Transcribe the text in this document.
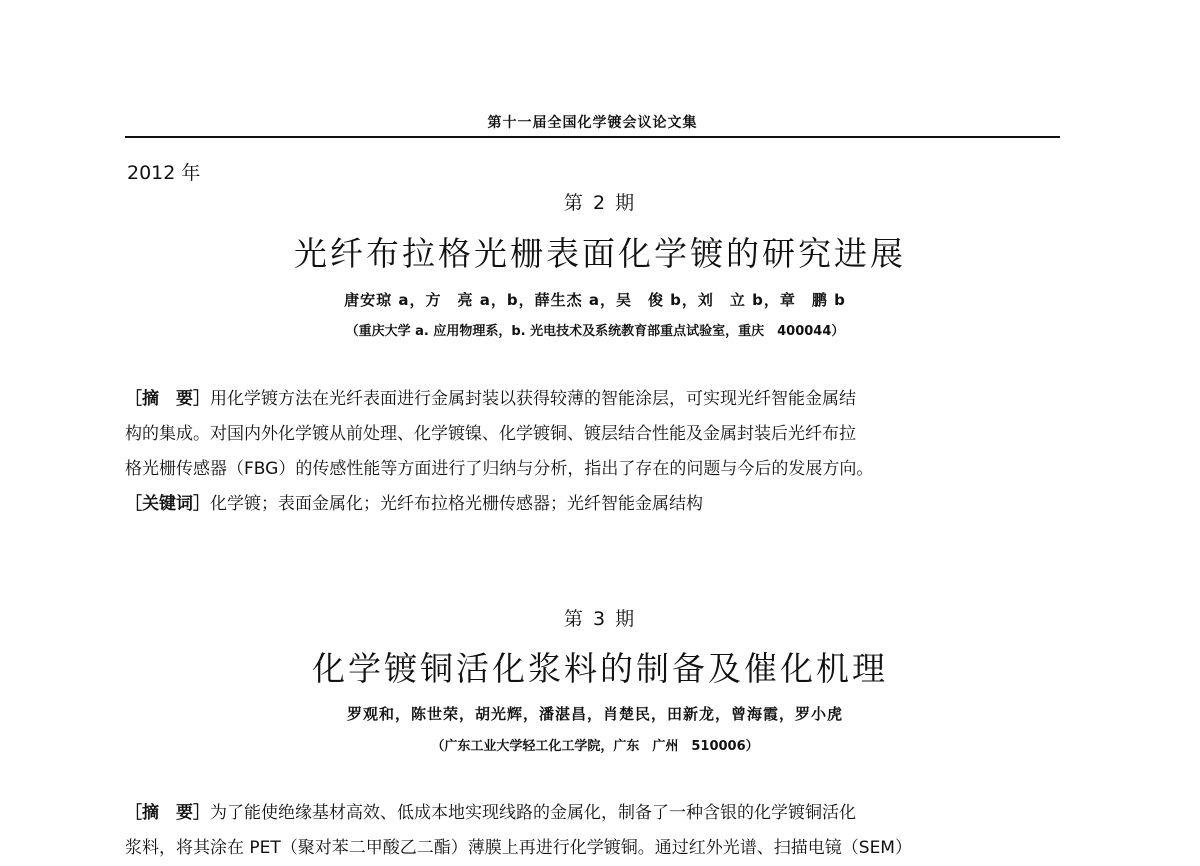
第十一届全国化学镀会议论文集
2012 年
第 2 期
光纤布拉格光栅表面化学镀的研究进展
唐安琼 a，方　亮 a，b，薛生杰 a，吴　俊 b，刘　立 b，章　鹏 b
（重庆大学 a. 应用物理系，b. 光电技术及系统教育部重点试验室，重庆　400044）

［摘　要］用化学镀方法在光纤表面进行金属封装以获得较薄的智能涂层，可实现光纤智能金属结

构的集成。对国内外化学镀从前处理、化学镀镍、化学镀铜、镀层结合性能及金属封装后光纤布拉

格光栅传感器（FBG）的传感性能等方面进行了归纳与分析，指出了存在的问题与今后的发展方向。

［关键词］化学镀；表面金属化；光纤布拉格光栅传感器；光纤智能金属结构

第 3 期
化学镀铜活化浆料的制备及催化机理
罗观和，陈世荣，胡光辉，潘湛昌，肖楚民，田新龙，曾海霞，罗小虎
（广东工业大学轻工化工学院，广东　广州　510006）

［摘　要］为了能使绝缘基材高效、低成本地实现线路的金属化，制备了一种含银的化学镀铜活化

浆料，将其涂在 PET（聚对苯二甲酸乙二酯）薄膜上再进行化学镀铜。通过红外光谱、扫描电镜（SEM）
